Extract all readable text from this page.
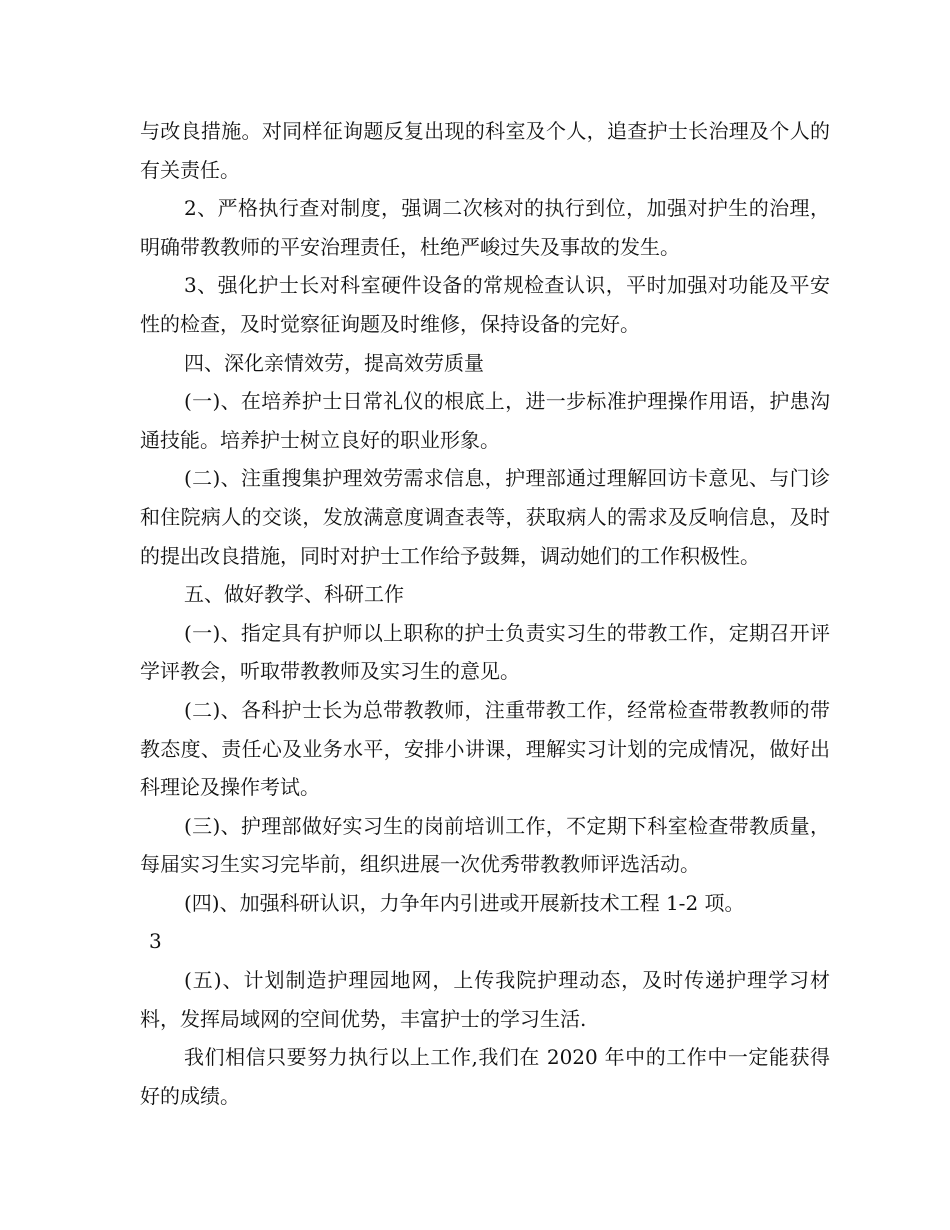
与改良措施。对同样征询题反复出现的科室及个人，追查护士长治理及个人的有关责任。

2、严格执行查对制度，强调二次核对的执行到位，加强对护生的治理，明确带教教师的平安治理责任，杜绝严峻过失及事故的发生。

3、强化护士长对科室硬件设备的常规检查认识，平时加强对功能及平安性的检查，及时觉察征询题及时维修，保持设备的完好。

四、深化亲情效劳，提高效劳质量

(一)、在培养护士日常礼仪的根底上，进一步标准护理操作用语，护患沟通技能。培养护士树立良好的职业形象。

(二)、注重搜集护理效劳需求信息，护理部通过理解回访卡意见、与门诊和住院病人的交谈，发放满意度调查表等，获取病人的需求及反响信息，及时的提出改良措施，同时对护士工作给予鼓舞，调动她们的工作积极性。

五、做好教学、科研工作

(一)、指定具有护师以上职称的护士负责实习生的带教工作，定期召开评学评教会，听取带教教师及实习生的意见。

(二)、各科护士长为总带教教师，注重带教工作，经常检查带教教师的带教态度、责任心及业务水平，安排小讲课，理解实习计划的完成情况，做好出科理论及操作考试。

(三)、护理部做好实习生的岗前培训工作，不定期下科室检查带教质量，每届实习生实习完毕前，组织进展一次优秀带教教师评选活动。

(四)、加强科研认识，力争年内引进或开展新技术工程 1-2 项。

3

(五)、计划制造护理园地网，上传我院护理动态，及时传递护理学习材料，发挥局域网的空间优势，丰富护士的学习生活.

我们相信只要努力执行以上工作,我们在 2020 年中的工作中一定能获得好的成绩。
